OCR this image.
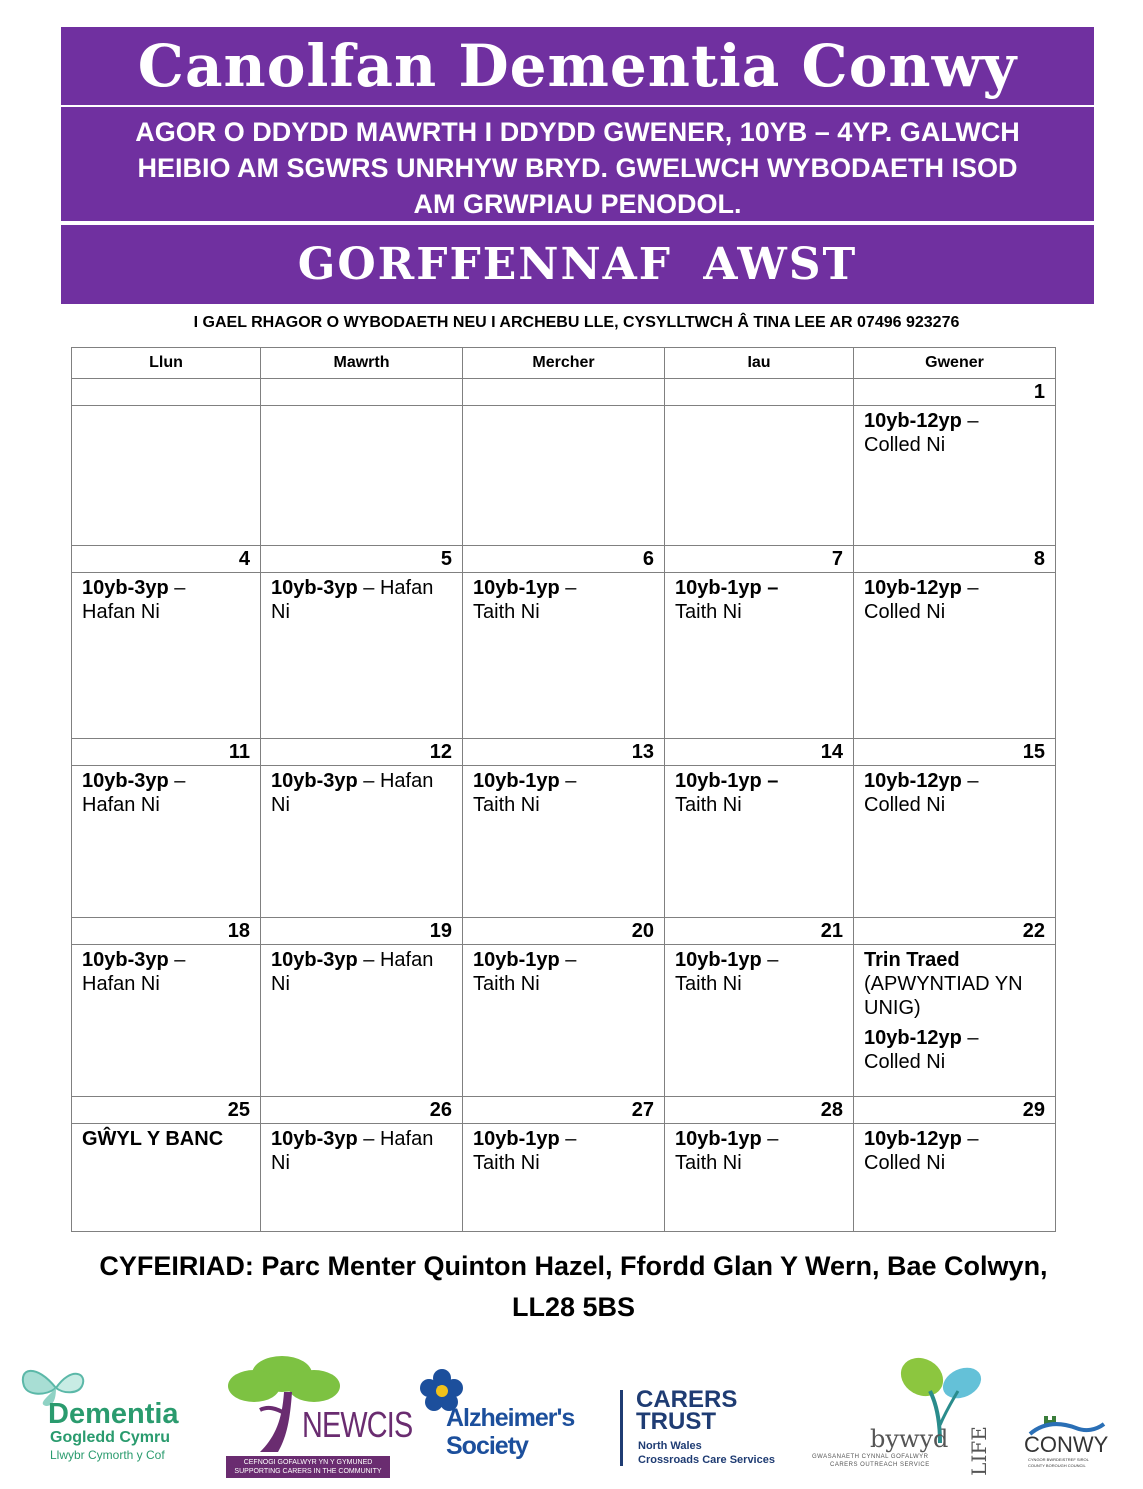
Canolfan Dementia Conwy
AGOR O DDYDD MAWRTH I DDYDD GWENER, 10YB – 4YP. GALWCH HEIBIO AM SGWRS UNRHYW BRYD. GWELWCH WYBODAETH ISOD AM GRWPIAU PENODOL.
GORFFENNAF AWST
I GAEL RHAGOR O WYBODAETH NEU I ARCHEBU LLE, CYSYLLTWCH Â TINA LEE AR 07496 923276
Llun	Mawrth	Mercher	Iau	Gwener
				1

				10yb-12yp –
Colled Ni

4	5	6	7	8

10yb-3yp –
Hafan Ni	10yb-3yp – Hafan
Ni	10yb-1yp –
Taith Ni	10yb-1yp –
Taith Ni	10yb-12yp –
Colled Ni

11	12	13	14	15

10yb-3yp –
Hafan Ni	10yb-3yp – Hafan
Ni	10yb-1yp –
Taith Ni	10yb-1yp –
Taith Ni	10yb-12yp –
Colled Ni

18	19	20	21	22

10yb-3yp –
Hafan Ni	10yb-3yp – Hafan
Ni	10yb-1yp –
Taith Ni	10yb-1yp –
Taith Ni	Trin Traed
(APWYNTIAD YN UNIG)
10yb-12yp –
Colled Ni

25	26	27	28	29

GŴYL Y BANC	10yb-3yp – Hafan
Ni	10yb-1yp –
Taith Ni	10yb-1yp –
Taith Ni	10yb-12yp –
Colled Ni
CYFEIRIAD: Parc Menter Quinton Hazel, Ffordd Glan Y Wern, Bae Colwyn, LL28 5BS
Dementia
Gogledd Cymru
Llwybr Cymorth y Cof
NEWCIS
CEFNOGI GOFALWYR YN Y GYMUNED
SUPPORTING CARERS IN THE COMMUNITY
Alzheimer's
Society
CARERS
TRUST
North Wales
Crossroads Care Services
bywyd LIFE
GWASANAETH CYNNAL GOFALWYR
CARERS OUTREACH SERVICE
CONWY
CYNGOR BWRDEISTREF SIROL
COUNTY BOROUGH COUNCIL
